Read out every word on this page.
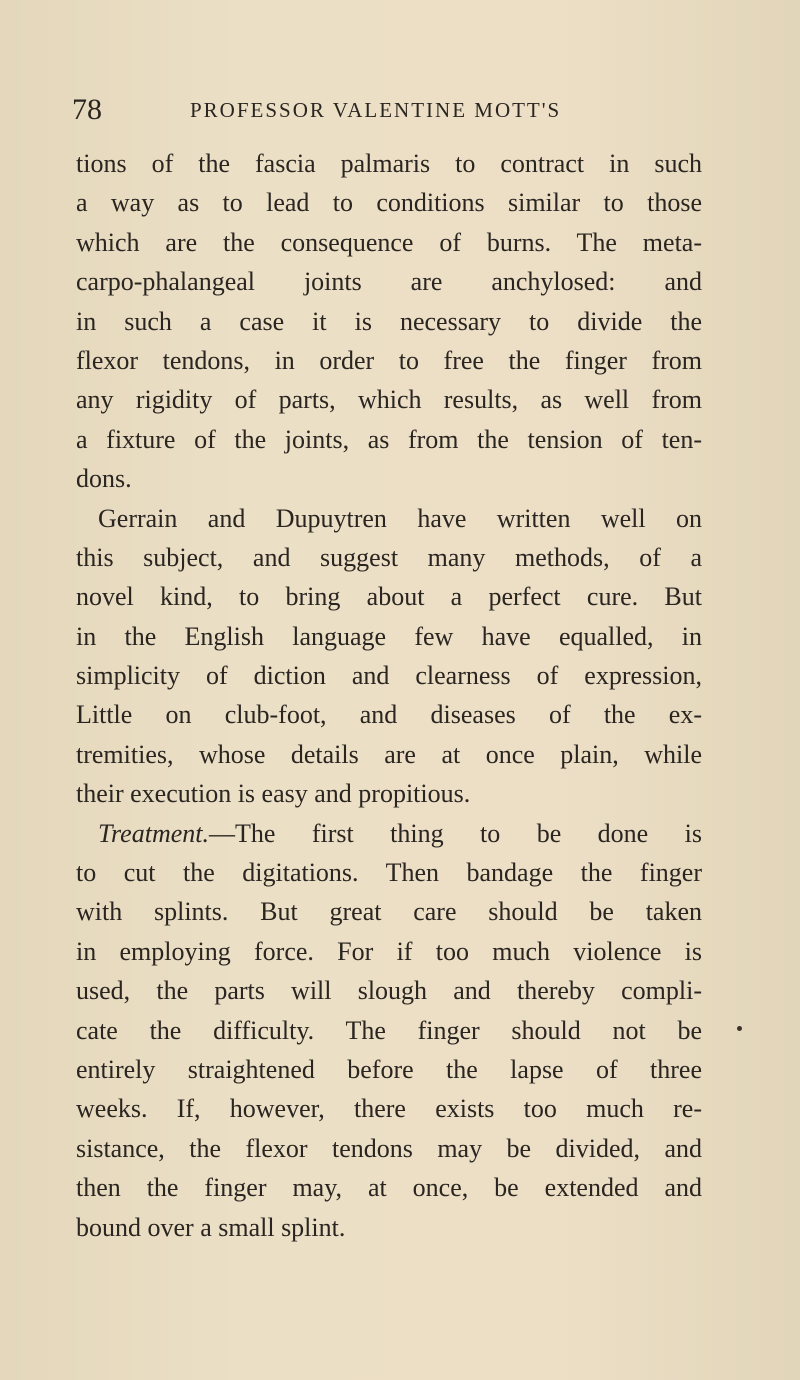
78	PROFESSOR VALENTINE MOTT'S
tions of the fascia palmaris to contract in such
a way as to lead to conditions similar to those
which are the consequence of burns. The meta-
carpo-phalangeal joints are anchylosed: and
in such a case it is necessary to divide the
flexor tendons, in order to free the finger from
any rigidity of parts, which results, as well from
a fixture of the joints, as from the tension of ten-
dons.
Gerrain and Dupuytren have written well on
this subject, and suggest many methods, of a
novel kind, to bring about a perfect cure. But
in the English language few have equalled, in
simplicity of diction and clearness of expression,
Little on club-foot, and diseases of the ex-
tremities, whose details are at once plain, while
their execution is easy and propitious.
Treatment.—The first thing to be done is
to cut the digitations. Then bandage the finger
with splints. But great care should be taken
in employing force. For if too much violence is
used, the parts will slough and thereby compli-
cate the difficulty. The finger should not be
entirely straightened before the lapse of three
weeks. If, however, there exists too much re-
sistance, the flexor tendons may be divided, and
then the finger may, at once, be extended and
bound over a small splint.
